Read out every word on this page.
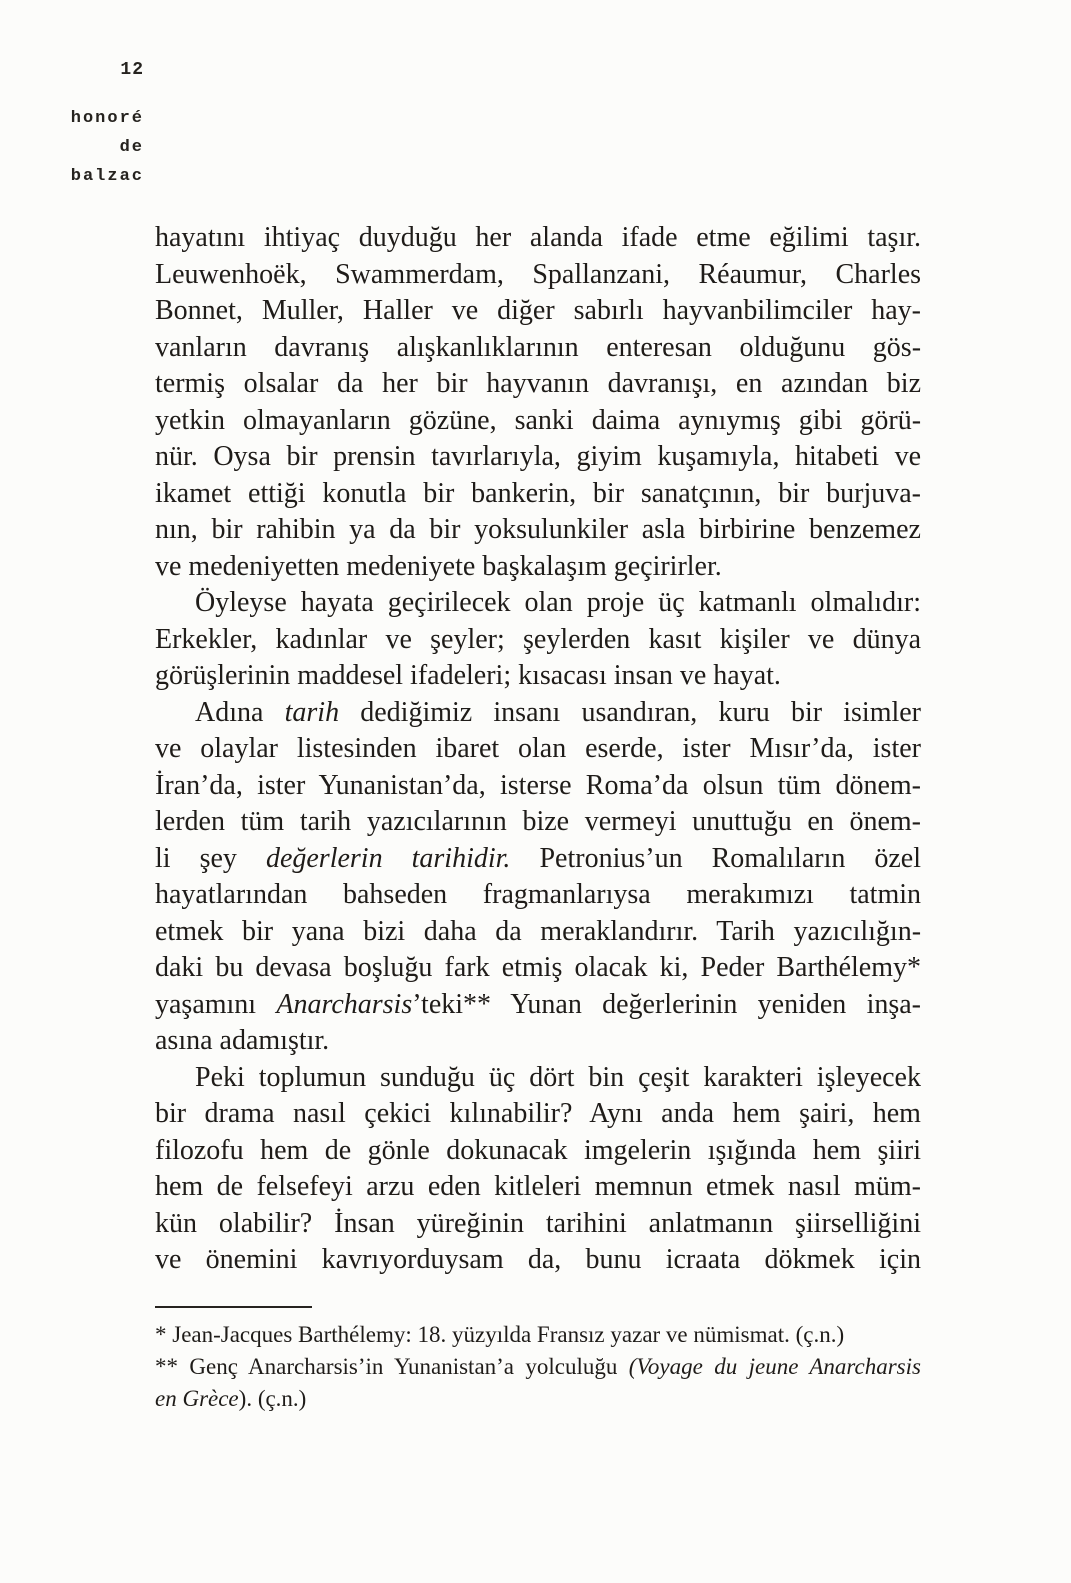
12
honoré
de
balzac
hayatını ihtiyaç duyduğu her alanda ifade etme eğilimi taşır.
Leuwenhoëk, Swammerdam, Spallanzani, Réaumur, Charles
Bonnet, Muller, Haller ve diğer sabırlı hayvanbilimciler hay-
vanların davranış alışkanlıklarının enteresan olduğunu gös-
termiş olsalar da her bir hayvanın davranışı, en azından biz
yetkin olmayanların gözüne, sanki daima aynıymış gibi görü-
nür. Oysa bir prensin tavırlarıyla, giyim kuşamıyla, hitabeti ve
ikamet ettiği konutla bir bankerin, bir sanatçının, bir burjuva-
nın, bir rahibin ya da bir yoksulunkiler asla birbirine benzemez
ve medeniyetten medeniyete başkalaşım geçirirler.
Öyleyse hayata geçirilecek olan proje üç katmanlı olmalıdır:
Erkekler, kadınlar ve şeyler; şeylerden kasıt kişiler ve dünya
görüşlerinin maddesel ifadeleri; kısacası insan ve hayat.
Adına tarih dediğimiz insanı usandıran, kuru bir isimler
ve olaylar listesinden ibaret olan eserde, ister Mısır’da, ister
İran’da, ister Yunanistan’da, isterse Roma’da olsun tüm dönem-
lerden tüm tarih yazıcılarının bize vermeyi unuttuğu en önem-
li şey değerlerin tarihidir. Petronius’un Romalıların özel
hayatlarından bahseden fragmanlarıysa merakımızı tatmin
etmek bir yana bizi daha da meraklandırır. Tarih yazıcılığın-
daki bu devasa boşluğu fark etmiş olacak ki, Peder Barthélemy*
yaşamını Anarcharsis’teki** Yunan değerlerinin yeniden inşa-
asına adamıştır.
Peki toplumun sunduğu üç dört bin çeşit karakteri işleyecek
bir drama nasıl çekici kılınabilir? Aynı anda hem şairi, hem
filozofu hem de gönle dokunacak imgelerin ışığında hem şiiri
hem de felsefeyi arzu eden kitleleri memnun etmek nasıl müm-
kün olabilir? İnsan yüreğinin tarihini anlatmanın şiirselliğini
ve önemini kavrıyorduysam da, bunu icraata dökmek için
* Jean-Jacques Barthélemy: 18. yüzyılda Fransız yazar ve nümismat. (ç.n.)
** Genç Anarcharsis’in Yunanistan’a yolculuğu (Voyage du jeune Anarcharsis
en Grèce). (ç.n.)
